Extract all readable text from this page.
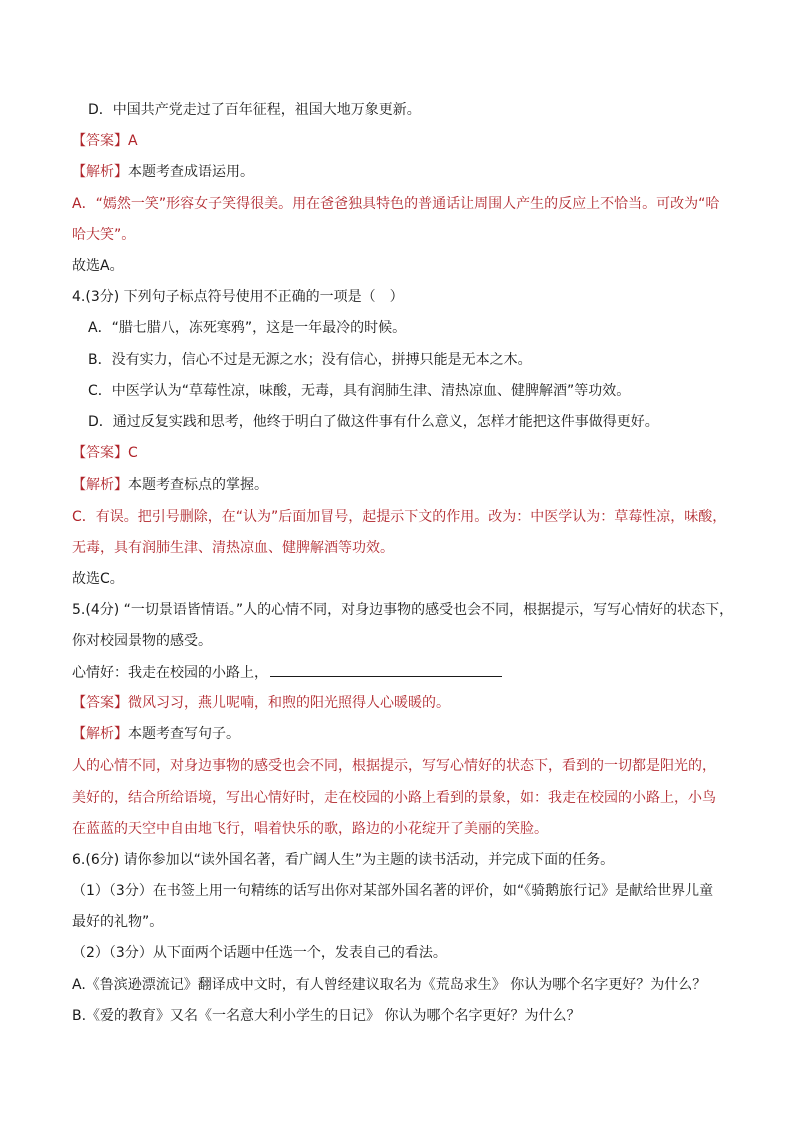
D．中国共产党走过了百年征程，祖国大地万象更新。
【答案】A
【解析】本题考查成语运用。
A．“嫣然一笑”形容女子笑得很美。用在爸爸独具特色的普通话让周围人产生的反应上不恰当。可改为“哈
哈大笑”。
故选A。
4.(3分) 下列句子标点符号使用不正确的一项是（　）
A．“腊七腊八，冻死寒鸦”，这是一年最冷的时候。
B．没有实力，信心不过是无源之水；没有信心，拼搏只能是无本之木。
C．中医学认为“草莓性凉，味酸，无毒，具有润肺生津、清热凉血、健脾解酒”等功效。
D．通过反复实践和思考，他终于明白了做这件事有什么意义，怎样才能把这件事做得更好。
【答案】C
【解析】本题考查标点的掌握。
C．有误。把引号删除，在“认为”后面加冒号，起提示下文的作用。改为：中医学认为：草莓性凉，味酸，
无毒，具有润肺生津、清热凉血、健脾解酒等功效。
故选C。
5.(4分) “一切景语皆情语。”人的心情不同，对身边事物的感受也会不同，根据提示，写写心情好的状态下，
你对校园景物的感受。
心情好：我走在校园的小路上，
【答案】微风习习，燕儿呢喃，和煦的阳光照得人心暖暖的。
【解析】本题考查写句子。
人的心情不同，对身边事物的感受也会不同，根据提示，写写心情好的状态下，看到的一切都是阳光的，
美好的，结合所给语境，写出心情好时，走在校园的小路上看到的景象，如：我走在校园的小路上，小鸟
在蓝蓝的天空中自由地飞行，唱着快乐的歌，路边的小花绽开了美丽的笑脸。
6.(6分) 请你参加以“读外国名著，看广阔人生”为主题的读书活动，并完成下面的任务。
（1）（3分）在书签上用一句精练的话写出你对某部外国名著的评价，如“《骑鹅旅行记》是献给世界儿童
最好的礼物”。
（2）（3分）从下面两个话题中任选一个，发表自己的看法。
A.《鲁滨逊漂流记》翻译成中文时，有人曾经建议取名为《荒岛求生》 你认为哪个名字更好？为什么？
B.《爱的教育》又名《一名意大利小学生的日记》 你认为哪个名字更好？为什么？
